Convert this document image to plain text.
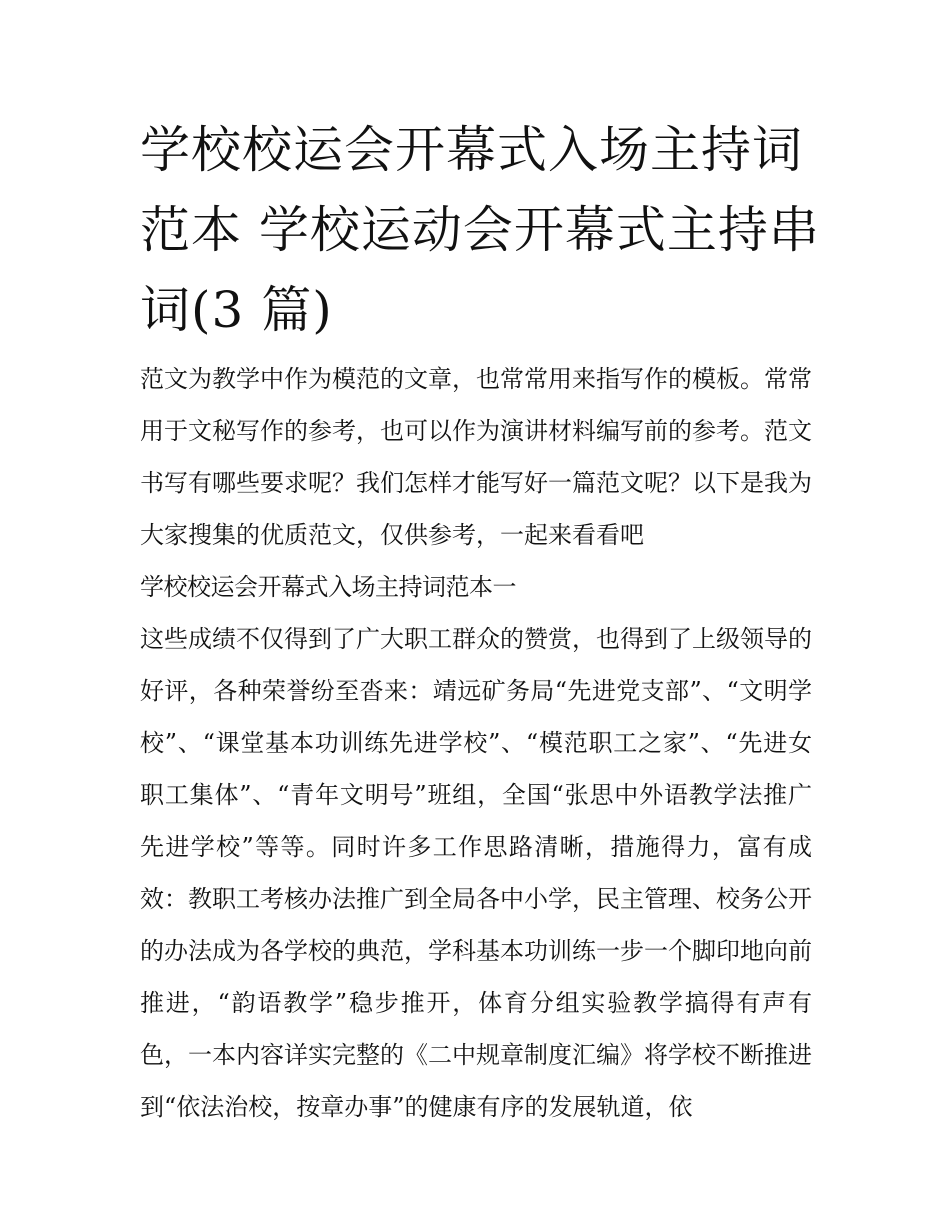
学校校运会开幕式入场主持词范本 学校运动会开幕式主持串词(3 篇)

范文为教学中作为模范的文章，也常常用来指写作的模板。常常用于文秘写作的参考，也可以作为演讲材料编写前的参考。范文书写有哪些要求呢？我们怎样才能写好一篇范文呢？以下是我为大家搜集的优质范文，仅供参考，一起来看看吧

学校校运会开幕式入场主持词范本一

这些成绩不仅得到了广大职工群众的赞赏，也得到了上级领导的好评，各种荣誉纷至沓来：靖远矿务局“先进党支部”、“文明学校”、“课堂基本功训练先进学校”、“模范职工之家”、“先进女职工集体”、“青年文明号”班组，全国“张思中外语教学法推广先进学校”等等。同时许多工作思路清晰，措施得力，富有成效：教职工考核办法推广到全局各中小学，民主管理、校务公开的办法成为各学校的典范，学科基本功训练一步一个脚印地向前推进，“韵语教学”稳步推开，体育分组实验教学搞得有声有色，一本内容详实完整的《二中规章制度汇编》将学校不断推进到“依法治校，按章办事”的健康有序的发展轨道，依
